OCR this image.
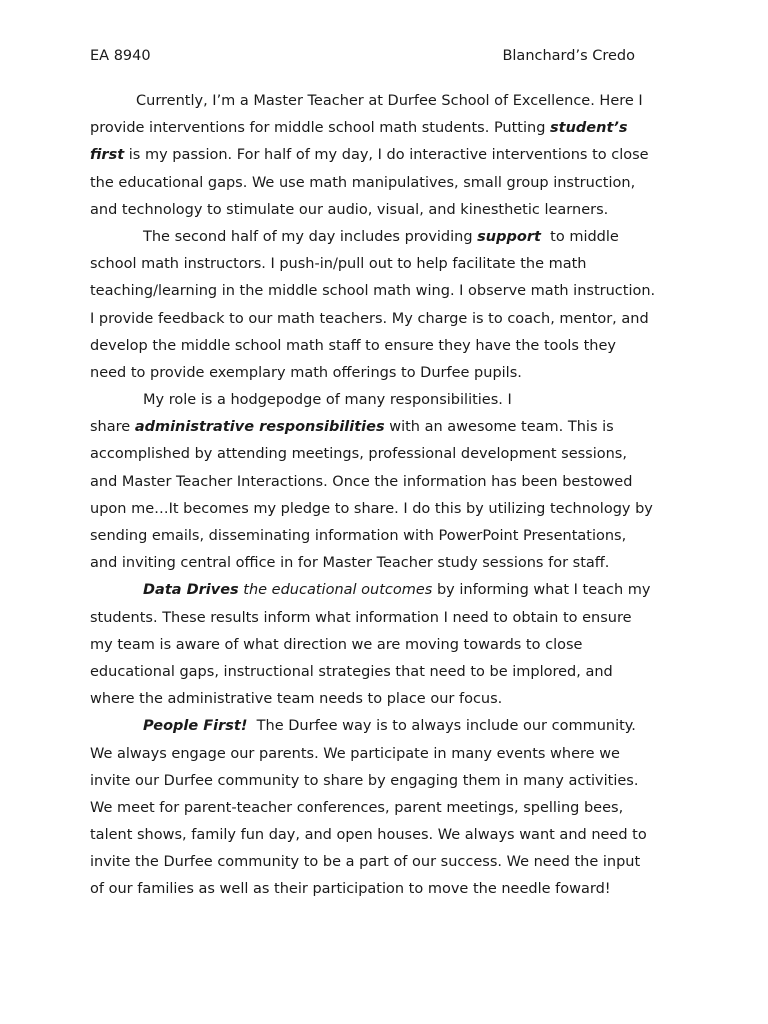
EA 8940	Blanchard’s Credo
Currently, I’m a Master Teacher at Durfee School of Excellence. Here I
provide interventions for middle school math students. Putting student’s
first is my passion. For half of my day, I do interactive interventions to close
the educational gaps. We use math manipulatives, small group instruction,
and technology to stimulate our audio, visual, and kinesthetic learners.
The second half of my day includes providing support  to middle
school math instructors. I push-in/pull out to help facilitate the math
teaching/learning in the middle school math wing. I observe math instruction.
I provide feedback to our math teachers. My charge is to coach, mentor, and
develop the middle school math staff to ensure they have the tools they
need to provide exemplary math offerings to Durfee pupils.
My role is a hodgepodge of many responsibilities. I
share administrative responsibilities with an awesome team. This is
accomplished by attending meetings, professional development sessions,
and Master Teacher Interactions. Once the information has been bestowed
upon me…It becomes my pledge to share. I do this by utilizing technology by
sending emails, disseminating information with PowerPoint Presentations,
and inviting central office in for Master Teacher study sessions for staff.
Data Drives the educational outcomes by informing what I teach my
students. These results inform what information I need to obtain to ensure
my team is aware of what direction we are moving towards to close
educational gaps, instructional strategies that need to be implored, and
where the administrative team needs to place our focus.
People First!  The Durfee way is to always include our community.
We always engage our parents. We participate in many events where we
invite our Durfee community to share by engaging them in many activities.
We meet for parent-teacher conferences, parent meetings, spelling bees,
talent shows, family fun day, and open houses. We always want and need to
invite the Durfee community to be a part of our success. We need the input
of our families as well as their participation to move the needle foward!
